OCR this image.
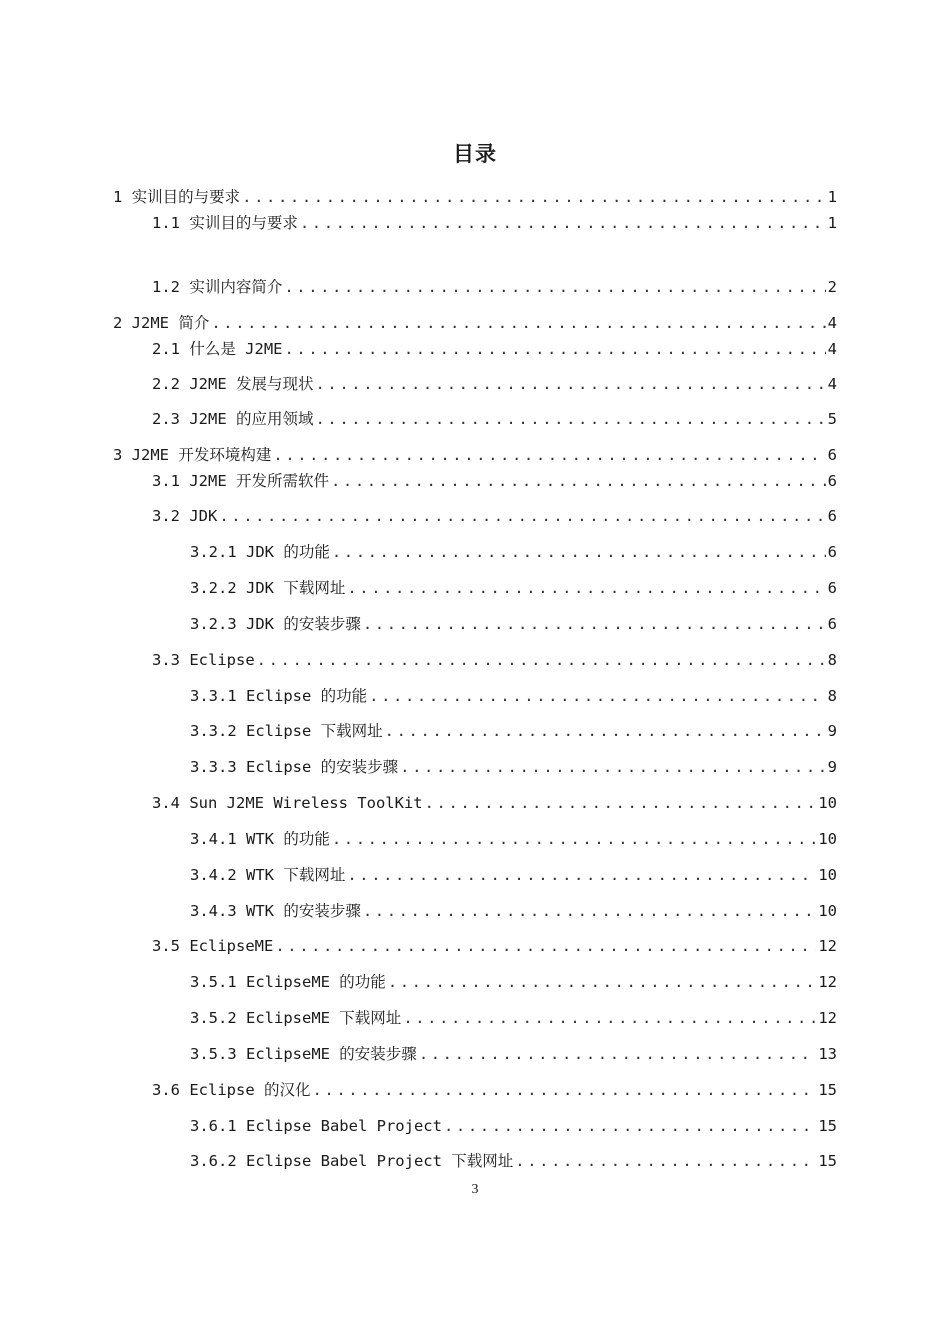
目录
1 实训目的与要求 .....	1
1.1 实训目的与要求 .....	1
1.2 实训内容简介 .....	2
2 J2ME 简介 .....	4
2.1 什么是 J2ME .....	4
2.2 J2ME 发展与现状 .....	4
2.3 J2ME 的应用领域 .....	5
3 J2ME 开发环境构建 .....	6
3.1 J2ME 开发所需软件 .....	6
3.2 JDK .....	6
3.2.1 JDK 的功能 .....	6
3.2.2 JDK 下载网址 .....	6
3.2.3 JDK 的安装步骤 .....	6
3.3 Eclipse .....	8
3.3.1 Eclipse 的功能 .....	8
3.3.2 Eclipse 下载网址 .....	9
3.3.3 Eclipse 的安装步骤 .....	9
3.4 Sun J2ME Wireless ToolKit .....	10
3.4.1 WTK 的功能 .....	10
3.4.2 WTK 下载网址 .....	10
3.4.3 WTK 的安装步骤 .....	10
3.5 EclipseME .....	12
3.5.1 EclipseME 的功能 .....	12
3.5.2 EclipseME 下载网址 .....	12
3.5.3 EclipseME 的安装步骤 .....	13
3.6 Eclipse 的汉化 .....	15
3.6.1 Eclipse Babel Project .....	15
3.6.2 Eclipse Babel Project 下载网址 .....	15
3
